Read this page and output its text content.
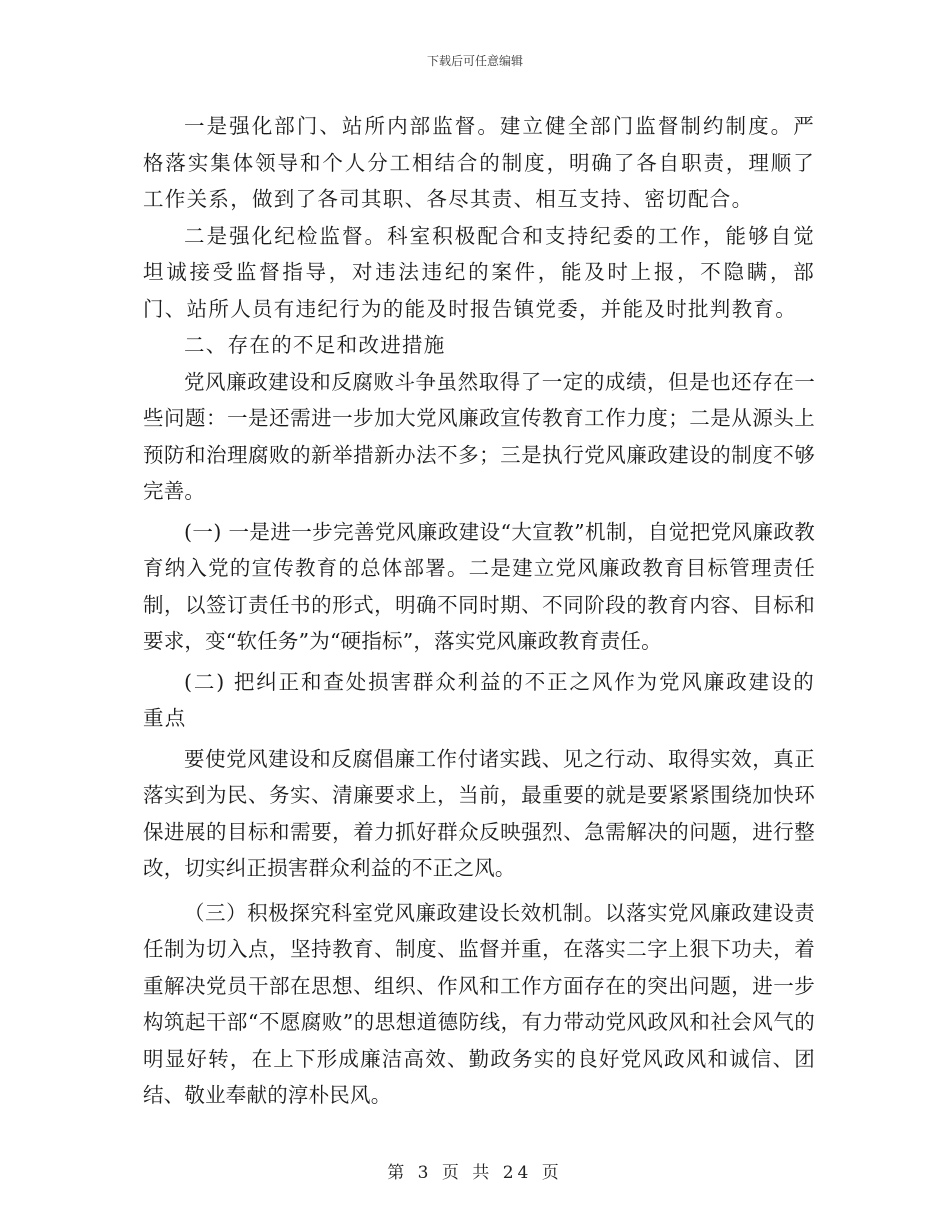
下载后可任意编辑

一是强化部门、站所内部监督。建立健全部门监督制约制度。严格落实集体领导和个人分工相结合的制度，明确了各自职责，理顺了工作关系，做到了各司其职、各尽其责、相互支持、密切配合。

二是强化纪检监督。科室积极配合和支持纪委的工作，能够自觉坦诚接受监督指导，对违法违纪的案件，能及时上报，不隐瞒，部门、站所人员有违纪行为的能及时报告镇党委，并能及时批判教育。

二、存在的不足和改进措施

党风廉政建设和反腐败斗争虽然取得了一定的成绩，但是也还存在一些问题：一是还需进一步加大党风廉政宣传教育工作力度；二是从源头上预防和治理腐败的新举措新办法不多；三是执行党风廉政建设的制度不够完善。

(一) 一是进一步完善党风廉政建设“大宣教”机制，自觉把党风廉政教育纳入党的宣传教育的总体部署。二是建立党风廉政教育目标管理责任制，以签订责任书的形式，明确不同时期、不同阶段的教育内容、目标和要求，变“软任务”为“硬指标”，落实党风廉政教育责任。

(二) 把纠正和查处损害群众利益的不正之风作为党风廉政建设的重点

要使党风建设和反腐倡廉工作付诸实践、见之行动、取得实效，真正落实到为民、务实、清廉要求上，当前，最重要的就是要紧紧围绕加快环保进展的目标和需要，着力抓好群众反映强烈、急需解决的问题，进行整改，切实纠正损害群众利益的不正之风。

（三）积极探究科室党风廉政建设长效机制。以落实党风廉政建设责任制为切入点，坚持教育、制度、监督并重，在落实二字上狠下功夫，着重解决党员干部在思想、组织、作风和工作方面存在的突出问题，进一步构筑起干部“不愿腐败”的思想道德防线，有力带动党风政风和社会风气的明显好转，在上下形成廉洁高效、勤政务实的良好党风政风和诚信、团结、敬业奉献的淳朴民风。

第 3 页 共 24 页
